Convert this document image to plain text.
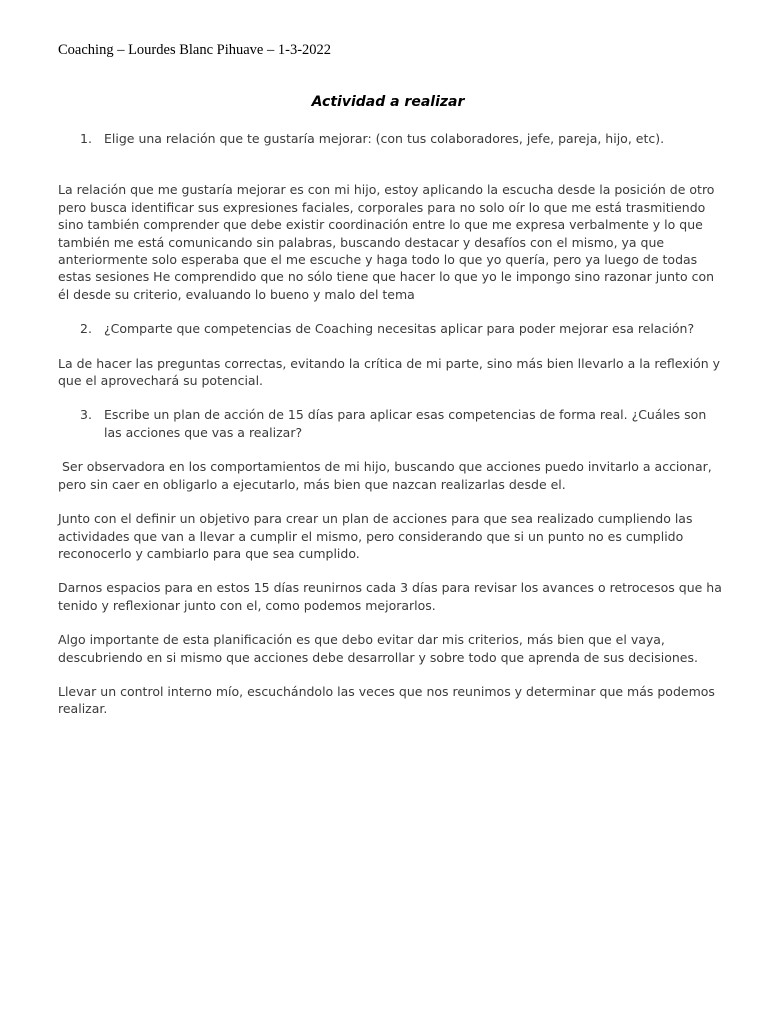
Coaching – Lourdes Blanc Pihuave – 1-3-2022
Actividad a realizar
1. Elige una relación que te gustaría mejorar: (con tus colaboradores, jefe, pareja, hijo, etc).

La relación que me gustaría mejorar es con mi hijo, estoy aplicando la escucha desde la posición de otro pero busca identificar sus expresiones faciales, corporales para no solo oír lo que me está trasmitiendo sino también comprender que debe existir coordinación entre lo que me expresa verbalmente y lo que también me está comunicando sin palabras, buscando destacar y desafíos con el mismo, ya que anteriormente solo esperaba que el me escuche y haga todo lo que yo quería, pero ya luego de todas estas sesiones He comprendido que no sólo tiene que hacer lo que yo le impongo sino razonar junto con él desde su criterio, evaluando lo bueno y malo del tema

2. ¿Comparte que competencias de Coaching necesitas aplicar para poder mejorar esa relación?

La de hacer las preguntas correctas, evitando la crítica de mi parte, sino más bien llevarlo a la reflexión y que el aprovechará su potencial.

3. Escribe un plan de acción de 15 días para aplicar esas competencias de forma real. ¿Cuáles son las acciones que vas a realizar?

Ser observadora en los comportamientos de mi hijo, buscando que acciones puedo invitarlo a accionar, pero sin caer en obligarlo a ejecutarlo, más bien que nazcan realizarlas desde el.

Junto con el definir un objetivo para crear un plan de acciones para que sea realizado cumpliendo las actividades que van a llevar a cumplir el mismo, pero considerando que si un punto no es cumplido reconocerlo y cambiarlo para que sea cumplido.

Darnos espacios para en estos 15 días reunirnos cada 3 días para revisar los avances o retrocesos que ha tenido y reflexionar junto con el, como podemos mejorarlos.

Algo importante de esta planificación es que debo evitar dar mis criterios, más bien que el vaya, descubriendo en si mismo que acciones debe desarrollar y sobre todo que aprenda de sus decisiones.

Llevar un control interno mío, escuchándolo las veces que nos reunimos y determinar que más podemos realizar.
